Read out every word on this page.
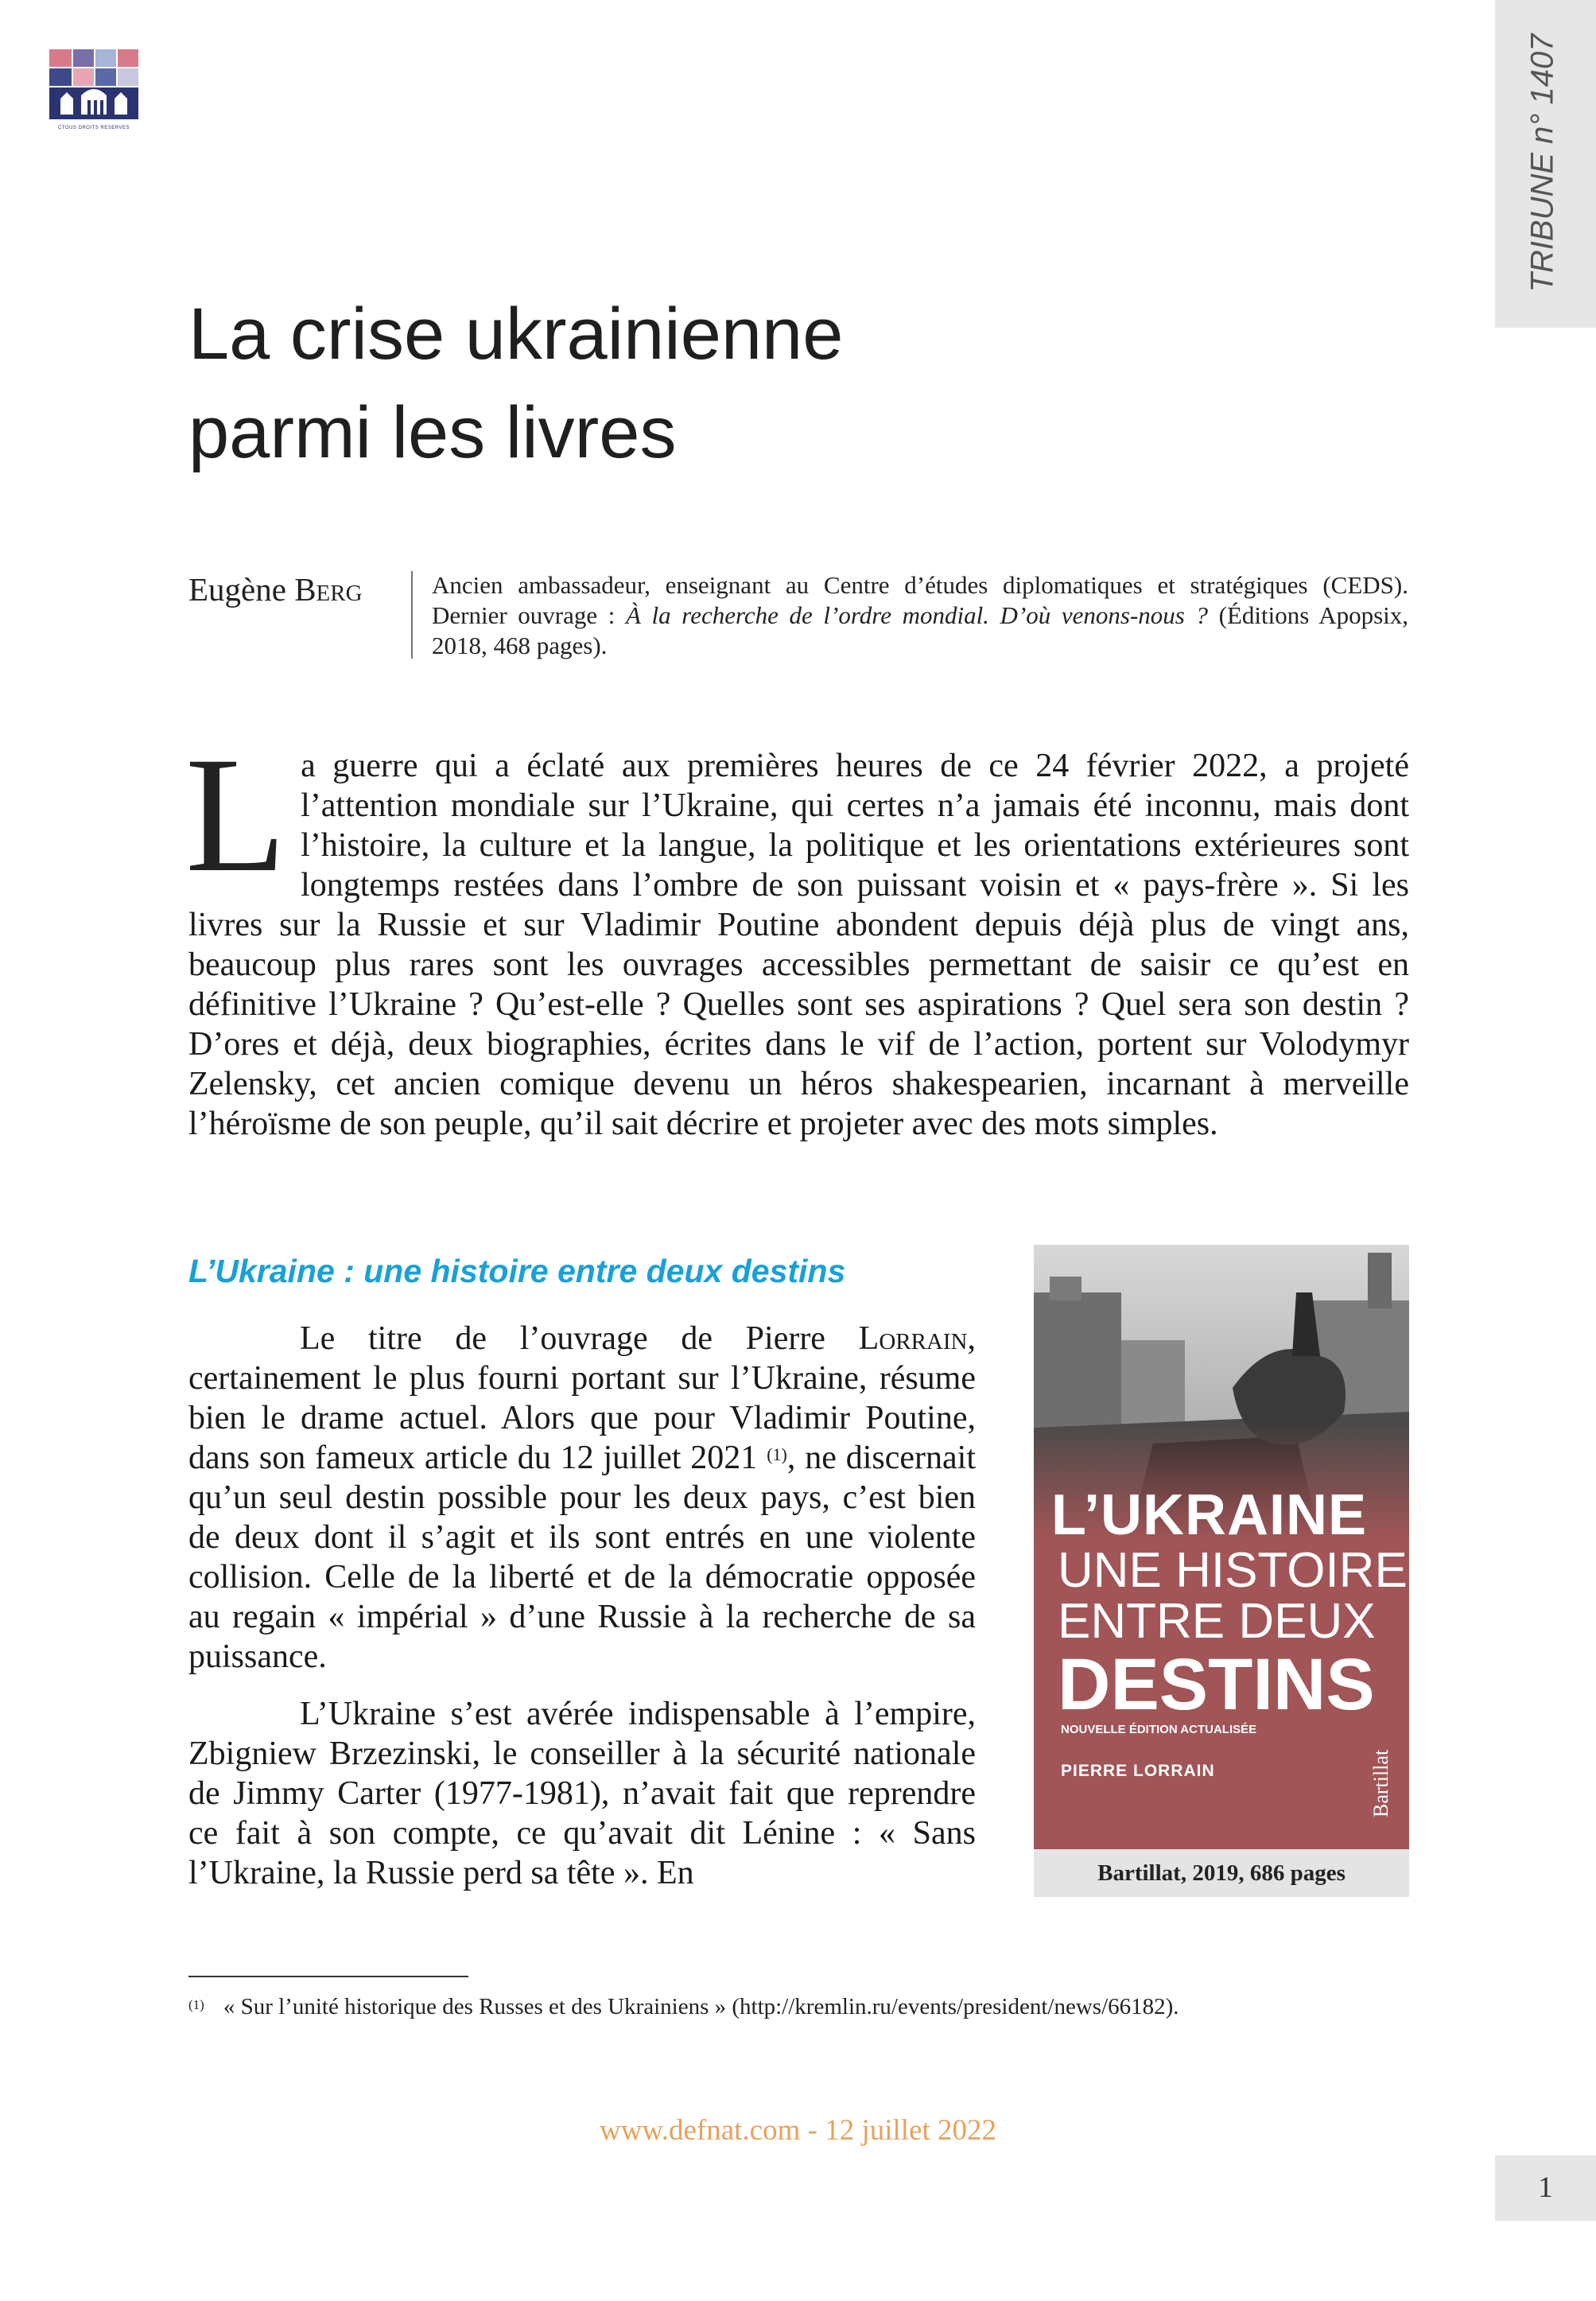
CTOUS DROITS RESERVES	TRIBUNE n° 1407
La crise ukrainienne
parmi les livres
Eugène Berg	Ancien ambassadeur, enseignant au Centre d’études diplomatiques et stratégiques (CEDS). Dernier ouvrage : À la recherche de l’ordre mondial. D’où venons-nous ? (Éditions Apopsix, 2018, 468 pages).
La guerre qui a éclaté aux premières heures de ce 24 février 2022, a projeté l’attention mondiale sur l’Ukraine, qui certes n’a jamais été inconnu, mais dont l’histoire, la culture et la langue, la politique et les orientations extérieures sont longtemps restées dans l’ombre de son puissant voisin et « pays-frère ». Si les livres sur la Russie et sur Vladimir Poutine abondent depuis déjà plus de vingt ans, beaucoup plus rares sont les ouvrages accessibles permettant de saisir ce qu’est en définitive l’Ukraine ? Qu’est-elle ? Quelles sont ses aspirations ? Quel sera son destin ? D’ores et déjà, deux biographies, écrites dans le vif de l’action, portent sur Volodymyr Zelensky, cet ancien comique devenu un héros shakespearien, incarnant à merveille l’héroïsme de son peuple, qu’il sait décrire et projeter avec des mots simples.
L’Ukraine : une histoire entre deux destins

Le titre de l’ouvrage de Pierre Lorrain, certainement le plus fourni portant sur l’Ukraine, résume bien le drame actuel. Alors que pour Vladimir Poutine, dans son fameux article du 12 juillet 2021 $^{(1)}$, ne discernait qu’un seul destin possible pour les deux pays, c’est bien de deux dont il s’agit et ils sont entrés en une violente collision. Celle de la liberté et de la démocratie opposée au regain « impérial » d’une Russie à la recherche de sa puissance.

L’Ukraine s’est avérée indispensable à l’empire, Zbigniew Brzezinski, le conseiller à la sécurité nationale de Jimmy Carter (1977-1981), n’avait fait que reprendre ce fait à son compte, ce qu’avait dit Lénine : « Sans l’Ukraine, la Russie perd sa tête ». En

L’UKRAINE
UNE HISTOIRE
ENTRE DEUX
DESTINS
NOUVELLE ÉDITION ACTUALISÉE
PIERRE LORRAIN	Bartillat
Bartillat, 2019, 686 pages
$^{(1)}$ « Sur l’unité historique des Russes et des Ukrainiens » (http://kremlin.ru/events/president/news/66182).
www.defnat.com - 12 juillet 2022
1
